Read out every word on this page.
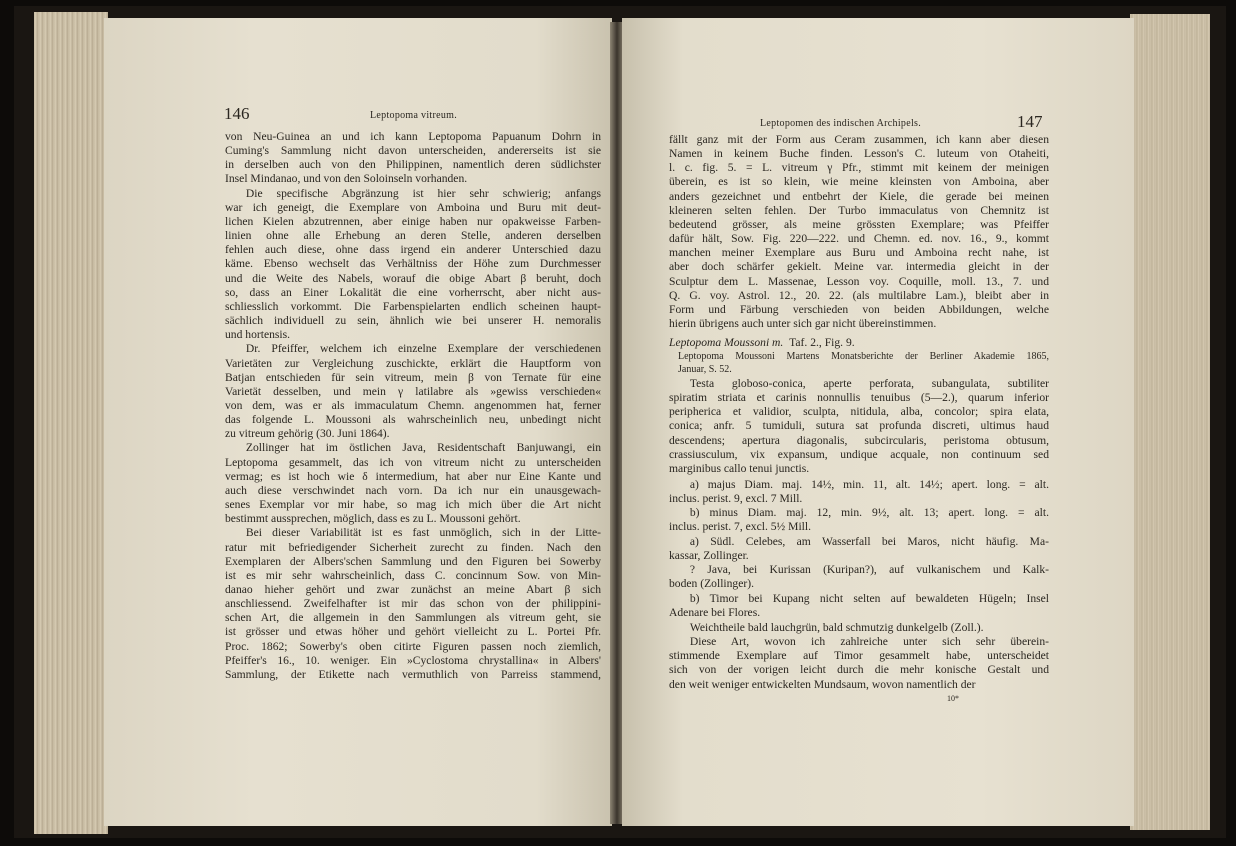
146	Leptopoma vitreum.
von Neu-Guinea an und ich kann Leptopoma Papuanum Dohrn in
Cuming's Sammlung nicht davon unterscheiden, andererseits ist sie
in derselben auch von den Philippinen, namentlich deren südlichster
Insel Mindanao, und von den Soloinseln vorhanden.
Die specifische Abgränzung ist hier sehr schwierig; anfangs
war ich geneigt, die Exemplare von Amboina und Buru mit deut-
lichen Kielen abzutrennen, aber einige haben nur opakweisse Farben-
linien ohne alle Erhebung an deren Stelle, anderen derselben
fehlen auch diese, ohne dass irgend ein anderer Unterschied dazu
käme. Ebenso wechselt das Verhältniss der Höhe zum Durchmesser
und die Weite des Nabels, worauf die obige Abart β beruht, doch
so, dass an Einer Lokalität die eine vorherrscht, aber nicht aus-
schliesslich vorkommt. Die Farbenspielarten endlich scheinen haupt-
sächlich individuell zu sein, ähnlich wie bei unserer H. nemoralis
und hortensis.
Dr. Pfeiffer, welchem ich einzelne Exemplare der verschiedenen
Varietäten zur Vergleichung zuschickte, erklärt die Hauptform von
Batjan entschieden für sein vitreum, mein β von Ternate für eine
Varietät desselben, und mein γ latilabre als »gewiss verschieden«
von dem, was er als immaculatum Chemn. angenommen hat, ferner
das folgende L. Moussoni als wahrscheinlich neu, unbedingt nicht
zu vitreum gehörig (30. Juni 1864).
Zollinger hat im östlichen Java, Residentschaft Banjuwangi, ein
Leptopoma gesammelt, das ich von vitreum nicht zu unterscheiden
vermag; es ist hoch wie δ intermedium, hat aber nur Eine Kante und
auch diese verschwindet nach vorn. Da ich nur ein unausgewach-
senes Exemplar vor mir habe, so mag ich mich über die Art nicht
bestimmt aussprechen, möglich, dass es zu L. Moussoni gehört.
Bei dieser Variabilität ist es fast unmöglich, sich in der Litte-
ratur mit befriedigender Sicherheit zurecht zu finden. Nach den
Exemplaren der Albers'schen Sammlung und den Figuren bei Sowerby
ist es mir sehr wahrscheinlich, dass C. concinnum Sow. von Min-
danao hieher gehört und zwar zunächst an meine Abart β sich
anschliessend. Zweifelhafter ist mir das schon von der philippini-
schen Art, die allgemein in den Sammlungen als vitreum geht, sie
ist grösser und etwas höher und gehört vielleicht zu L. Portei Pfr.
Proc. 1862; Sowerby's oben citirte Figuren passen noch ziemlich,
Pfeiffer's 16., 10. weniger. Ein »Cyclostoma chrystallina« in Albers'
Sammlung, der Etikette nach vermuthlich von Parreiss stammend,
Leptopomen des indischen Archipels.	147
fällt ganz mit der Form aus Ceram zusammen, ich kann aber diesen
Namen in keinem Buche finden. Lesson's C. luteum von Otaheiti,
l. c. fig. 5. = L. vitreum γ Pfr., stimmt mit keinem der meinigen
überein, es ist so klein, wie meine kleinsten von Amboina, aber
anders gezeichnet und entbehrt der Kiele, die gerade bei meinen
kleineren selten fehlen. Der Turbo immaculatus von Chemnitz ist
bedeutend grösser, als meine grössten Exemplare; was Pfeiffer
dafür hält, Sow. Fig. 220—222. und Chemn. ed. nov. 16., 9., kommt
manchen meiner Exemplare aus Buru und Amboina recht nahe, ist
aber doch schärfer gekielt. Meine var. intermedia gleicht in der
Sculptur dem L. Massenae, Lesson voy. Coquille, moll. 13., 7. und
Q. G. voy. Astrol. 12., 20. 22. (als multilabre Lam.), bleibt aber in
Form und Färbung verschieden von beiden Abbildungen, welche
hierin übrigens auch unter sich gar nicht übereinstimmen.
Leptopoma Moussoni m. Taf. 2., Fig. 9.
Leptopoma Moussoni Martens Monatsberichte der Berliner Akademie 1865,
Januar, S. 52.
Testa globoso-conica, aperte perforata, subangulata, subtiliter
spiratim striata et carinis nonnullis tenuibus (5—2.), quarum inferior
peripherica et validior, sculpta, nitidula, alba, concolor; spira elata,
conica; anfr. 5 tumiduli, sutura sat profunda discreti, ultimus haud
descendens; apertura diagonalis, subcircularis, peristoma obtusum,
crassiusculum, vix expansum, undique acquale, non continuum sed
marginibus callo tenui junctis.
a) majus Diam. maj. 14½, min. 11, alt. 14½; apert. long. = alt.
inclus. perist. 9, excl. 7 Mill.
b) minus Diam. maj. 12, min. 9½, alt. 13; apert. long. = alt.
inclus. perist. 7, excl. 5½ Mill.
a) Südl. Celebes, am Wasserfall bei Maros, nicht häufig. Ma-
kassar, Zollinger.
? Java, bei Kurissan (Kuripan?), auf vulkanischem und Kalk-
boden (Zollinger).
b) Timor bei Kupang nicht selten auf bewaldeten Hügeln; Insel
Adenare bei Flores.
Weichtheile bald lauchgrün, bald schmutzig dunkelgelb (Zoll.).
Diese Art, wovon ich zahlreiche unter sich sehr überein-
stimmende Exemplare auf Timor gesammelt habe, unterscheidet
sich von der vorigen leicht durch die mehr konische Gestalt und
den weit weniger entwickelten Mundsaum, wovon namentlich der
10*
